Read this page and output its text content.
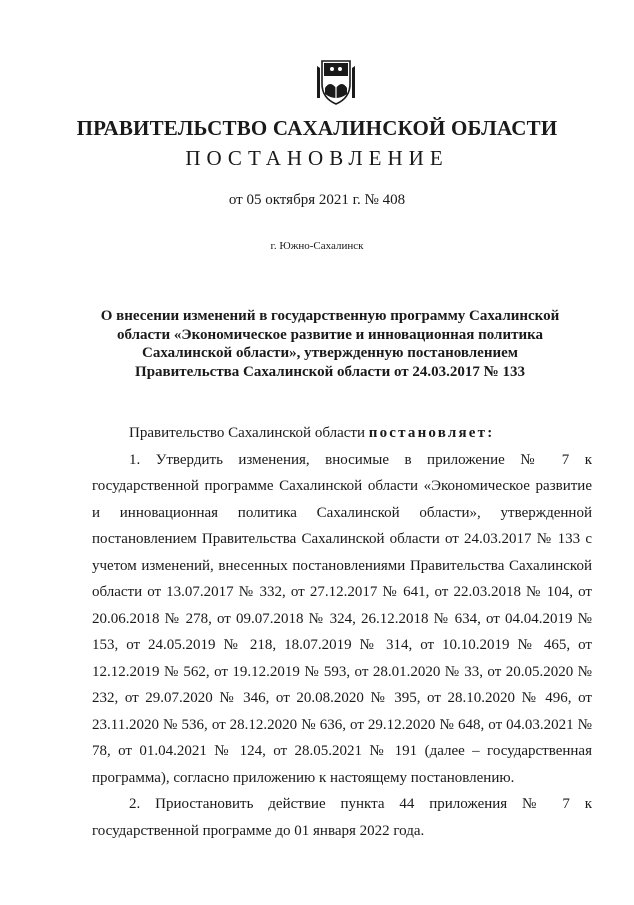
ПРАВИТЕЛЬСТВО САХАЛИНСКОЙ ОБЛАСТИ
ПОСТАНОВЛЕНИЕ
от 05 октября 2021 г. № 408
г. Южно-Сахалинск
О внесении изменений в государственную программу Сахалинской
области «Экономическое развитие и инновационная политика
Сахалинской области», утвержденную постановлением
Правительства Сахалинской области от 24.03.2017 № 133

Правительство Сахалинской области постановляет:

1. Утвердить изменения, вносимые в приложение № 7 к государственной программе Сахалинской области «Экономическое развитие и инновационная политика Сахалинской области», утвержденной постановлением Правительства Сахалинской области от 24.03.2017 № 133 с учетом изменений, внесенных постановлениями Правительства Сахалинской области от 13.07.2017 № 332, от 27.12.2017 № 641, от 22.03.2018 № 104, от 20.06.2018 № 278, от 09.07.2018 № 324, 26.12.2018 № 634, от 04.04.2019 № 153, от 24.05.2019 № 218, 18.07.2019 № 314, от 10.10.2019 № 465, от 12.12.2019 № 562, от 19.12.2019 № 593, от 28.01.2020 № 33, от 20.05.2020 № 232, от 29.07.2020 № 346, от 20.08.2020 № 395, от 28.10.2020 № 496, от 23.11.2020 № 536, от 28.12.2020 № 636, от 29.12.2020 № 648, от 04.03.2021 № 78, от 01.04.2021 № 124, от 28.05.2021 № 191 (далее – государственная программа), согласно приложению к настоящему постановлению.

2. Приостановить действие пункта 44 приложения № 7 к государственной программе до 01 января 2022 года.
